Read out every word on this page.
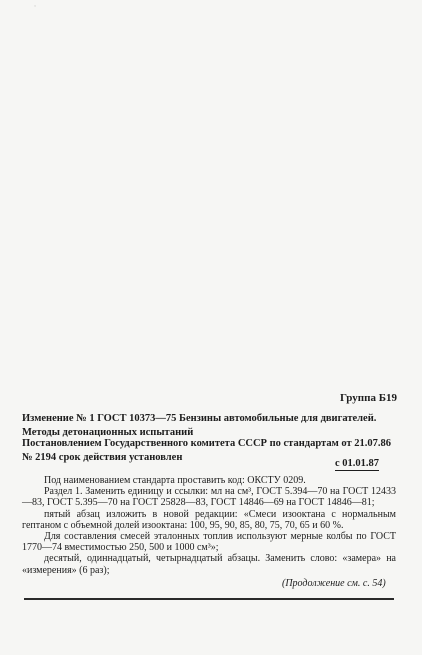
᾽
Группа Б19
Изменение № 1 ГОСТ 10373—75 Бензины автомобильные для двигателей. Методы детонационных испытаний
Постановлением Государственного комитета СССР по стандартам от 21.07.86 № 2194 срок действия установлен
с 01.01.87

Под наименованием стандарта проставить код: ОКСТУ 0209.

Раздел 1. Заменить единицу и ссылки: мл на см³, ГОСТ 5.394—70 на ГОСТ 12433—83, ГОСТ 5.395—70 на ГОСТ 25828—83, ГОСТ 14846—69 на ГОСТ 14846—81;

пятый абзац изложить в новой редакции: «Смеси изооктана с нормальным гептаном с объемной долей изооктана: 100, 95, 90, 85, 80, 75, 70, 65 и 60 %.

Для составления смесей эталонных топлив используют мерные колбы по ГОСТ 1770—74 вместимостью 250, 500 и 1000 см³»;

десятый, одиннадцатый, четырнадцатый абзацы. Заменить слово: «замера» на «измерения» (6 раз);

(Продолжение см. с. 54)
